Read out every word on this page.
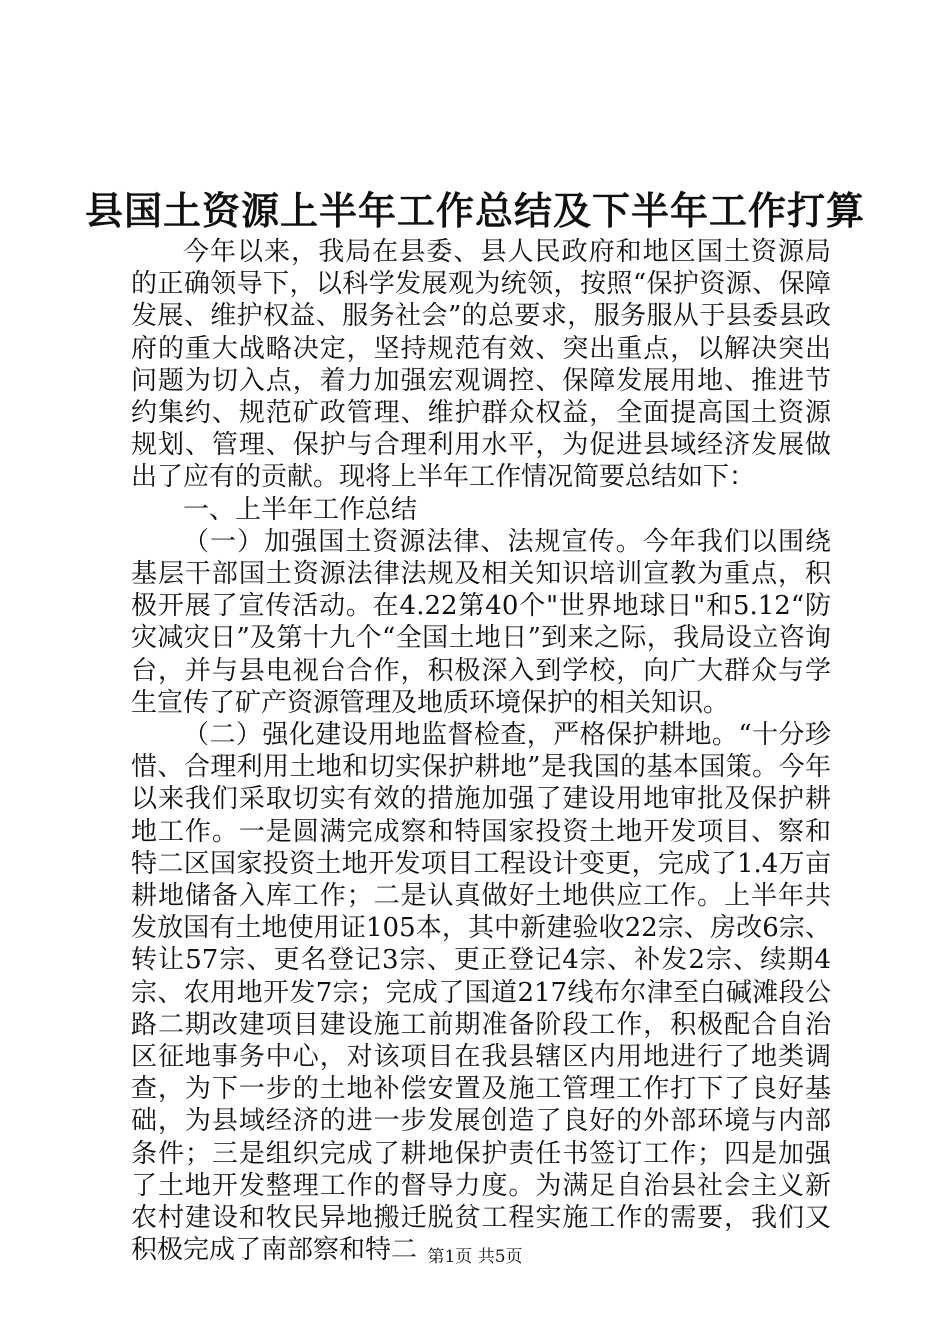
县国土资源上半年工作总结及下半年工作打算

今年以来，我局在县委、县人民政府和地区国土资源局的正确领导下，以科学发展观为统领，按照“保护资源、保障发展、维护权益、服务社会”的总要求，服务服从于县委县政府的重大战略决定，坚持规范有效、突出重点，以解决突出问题为切入点，着力加强宏观调控、保障发展用地、推进节约集约、规范矿政管理、维护群众权益，全面提高国土资源规划、管理、保护与合理利用水平，为促进县域经济发展做出了应有的贡献。现将上半年工作情况简要总结如下：

一、上半年工作总结

（一）加强国土资源法律、法规宣传。今年我们以围绕基层干部国土资源法律法规及相关知识培训宣教为重点，积极开展了宣传活动。在4.22第40个"世界地球日"和5.12“防灾减灾日”及第十九个“全国土地日”到来之际，我局设立咨询台，并与县电视台合作，积极深入到学校，向广大群众与学生宣传了矿产资源管理及地质环境保护的相关知识。

（二）强化建设用地监督检查，严格保护耕地。“十分珍惜、合理利用土地和切实保护耕地”是我国的基本国策。今年以来我们采取切实有效的措施加强了建设用地审批及保护耕地工作。一是圆满完成察和特国家投资土地开发项目、察和特二区国家投资土地开发项目工程设计变更，完成了1.4万亩耕地储备入库工作；二是认真做好土地供应工作。上半年共发放国有土地使用证105本，其中新建验收22宗、房改6宗、转让57宗、更名登记3宗、更正登记4宗、补发2宗、续期4宗、农用地开发7宗；完成了国道217线布尔津至白碱滩段公路二期改建项目建设施工前期准备阶段工作，积极配合自治区征地事务中心，对该项目在我县辖区内用地进行了地类调查，为下一步的土地补偿安置及施工管理工作打下了良好基础，为县域经济的进一步发展创造了良好的外部环境与内部条件；三是组织完成了耕地保护责任书签订工作；四是加强了土地开发整理工作的督导力度。为满足自治县社会主义新农村建设和牧民异地搬迁脱贫工程实施工作的需要，我们又积极完成了南部察和特二 第1页 共5页
